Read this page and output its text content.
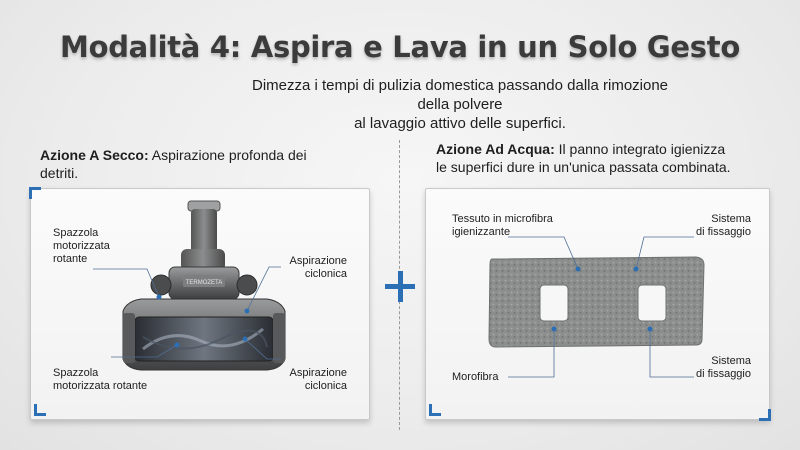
Modalità 4: Aspira e Lava in un Solo Gesto
Dimezza i tempi di pulizia domestica passando dalla rimozione della polvere
al lavaggio attivo delle superfici.
Azione A Secco: Aspirazione profonda dei detriti.
Azione Ad Acqua: Il panno integrato igienizza
le superfici dure in un'unica passata combinata.
TERMOZETA
Spazzola
motorizzata
rotante	Aspirazione
ciclonica
Spazzola
motorizzata rotante
Aspirazione
ciclonica
Tessuto in microfibra
igienizzante
Sistema
di fissaggio
Morofibra
Sistema
di fissaggio
